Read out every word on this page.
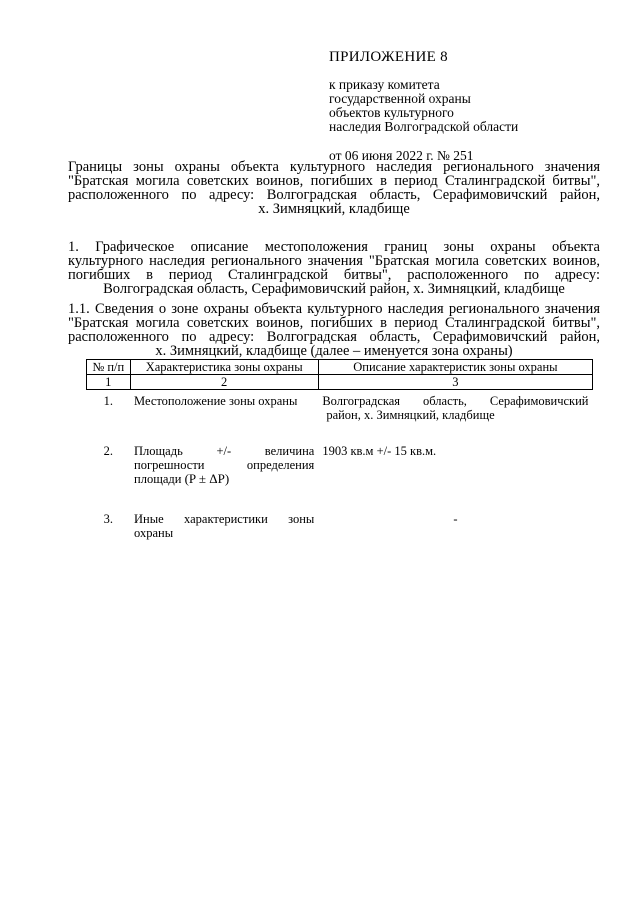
ПРИЛОЖЕНИЕ 8
к приказу комитета
государственной охраны
объектов культурного
наследия Волгоградской области
от 06 июня 2022 г. № 251
Границы зоны охраны объекта культурного наследия регионального значения
"Братская могила советских воинов, погибших в период Сталинградской битвы",
расположенного по адресу: Волгоградская область, Серафимовичский район,
х. Зимняцкий, кладбище
1. Графическое описание местоположения границ зоны охраны объекта
культурного наследия регионального значения "Братская могила советских воинов,
погибших в период Сталинградской битвы", расположенного по адресу:
Волгоградская область, Серафимовичский район, х. Зимняцкий, кладбище
1.1. Сведения о зоне охраны объекта культурного наследия регионального значения
"Братская могила советских воинов, погибших в период Сталинградской битвы",
расположенного по адресу: Волгоградская область, Серафимовичский район,
х. Зимняцкий, кладбище (далее – именуется зона охраны)
№ п/п	Характеристика зоны охраны	Описание характеристик зоны охраны
1	2	3
1.	Местоположение зоны охраны	Волгоградская область, Серафимовичский
район, х. Зимняцкий, кладбище

2.	Площадь +/- величина
погрешности определения
площади (P ± ΔP)	1903 кв.м +/- 15 кв.м.

3.	Иные характеристики зоны
охраны	-
